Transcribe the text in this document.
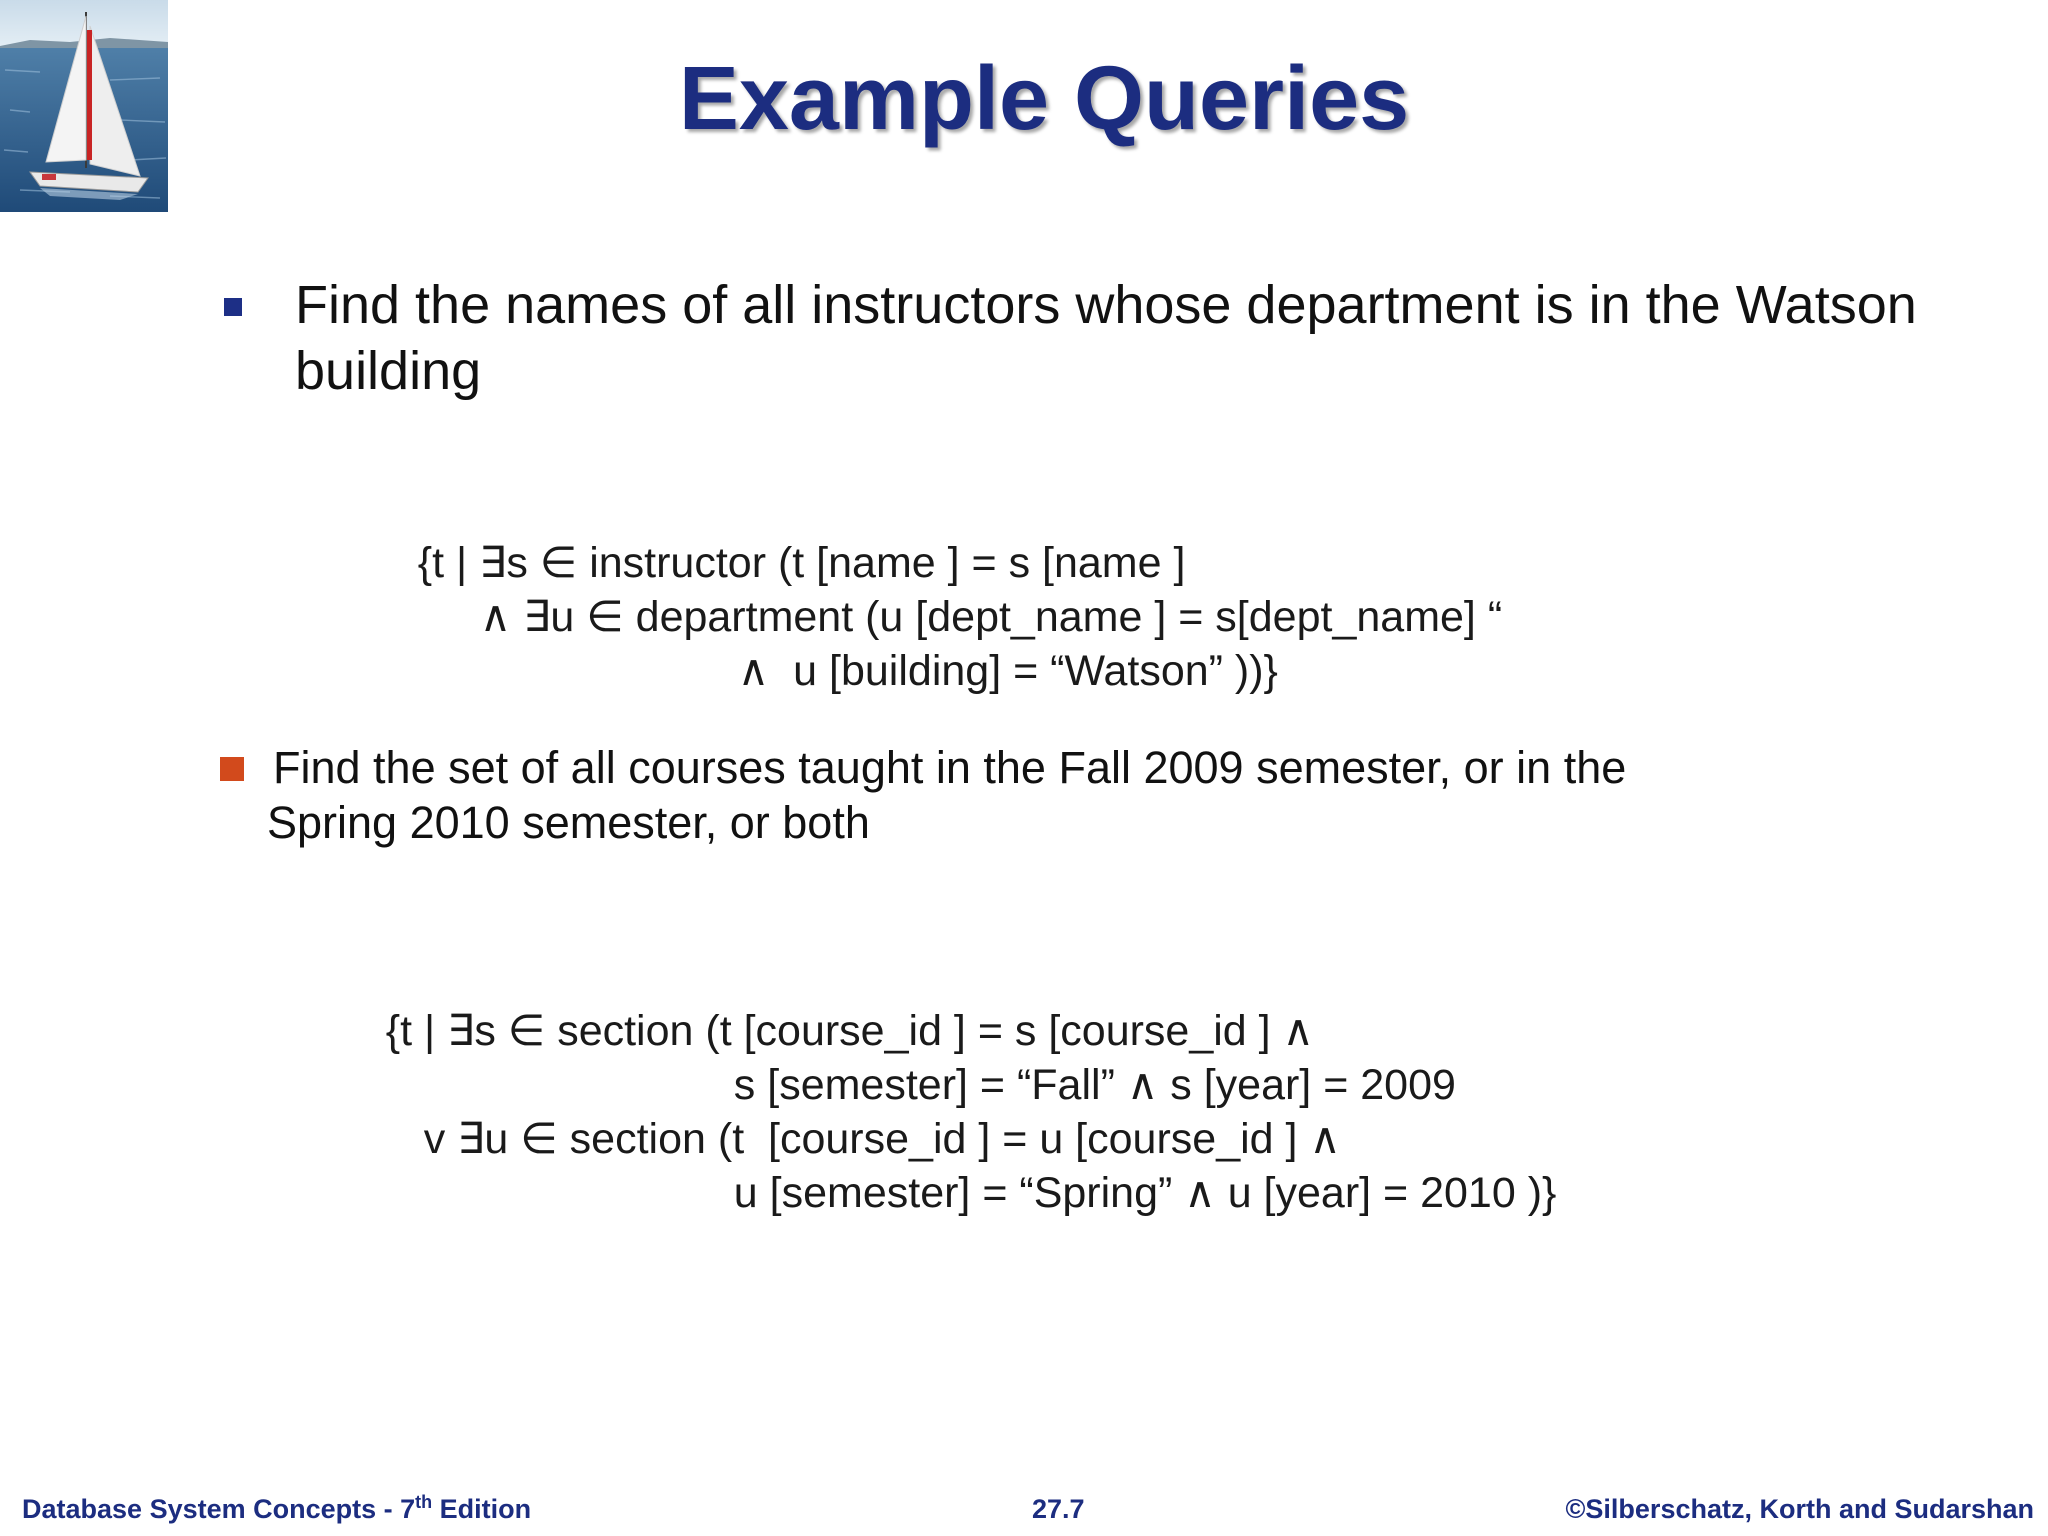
Example Queries
Find the names of all instructors whose department is in the Watson building

{t | ∃s ∈ instructor (t [name ] = s [name ]

∧ ∃u ∈ department (u [dept_name ] = s[dept_name] “

∧  u [building] = “Watson” ))}

Find the set of all courses taught in the Fall 2009 semester, or in the Spring 2010 semester, or both

{t | ∃s ∈ section (t [course_id ] = s [course_id ] ∧

s [semester] = “Fall” ∧ s [year] = 2009

v ∃u ∈ section (t  [course_id ] = u [course_id ] ∧

u [semester] = “Spring” ∧ u [year] = 2010 )}

Database System Concepts - 7th Edition	27.7	©Silberschatz, Korth and Sudarshan
